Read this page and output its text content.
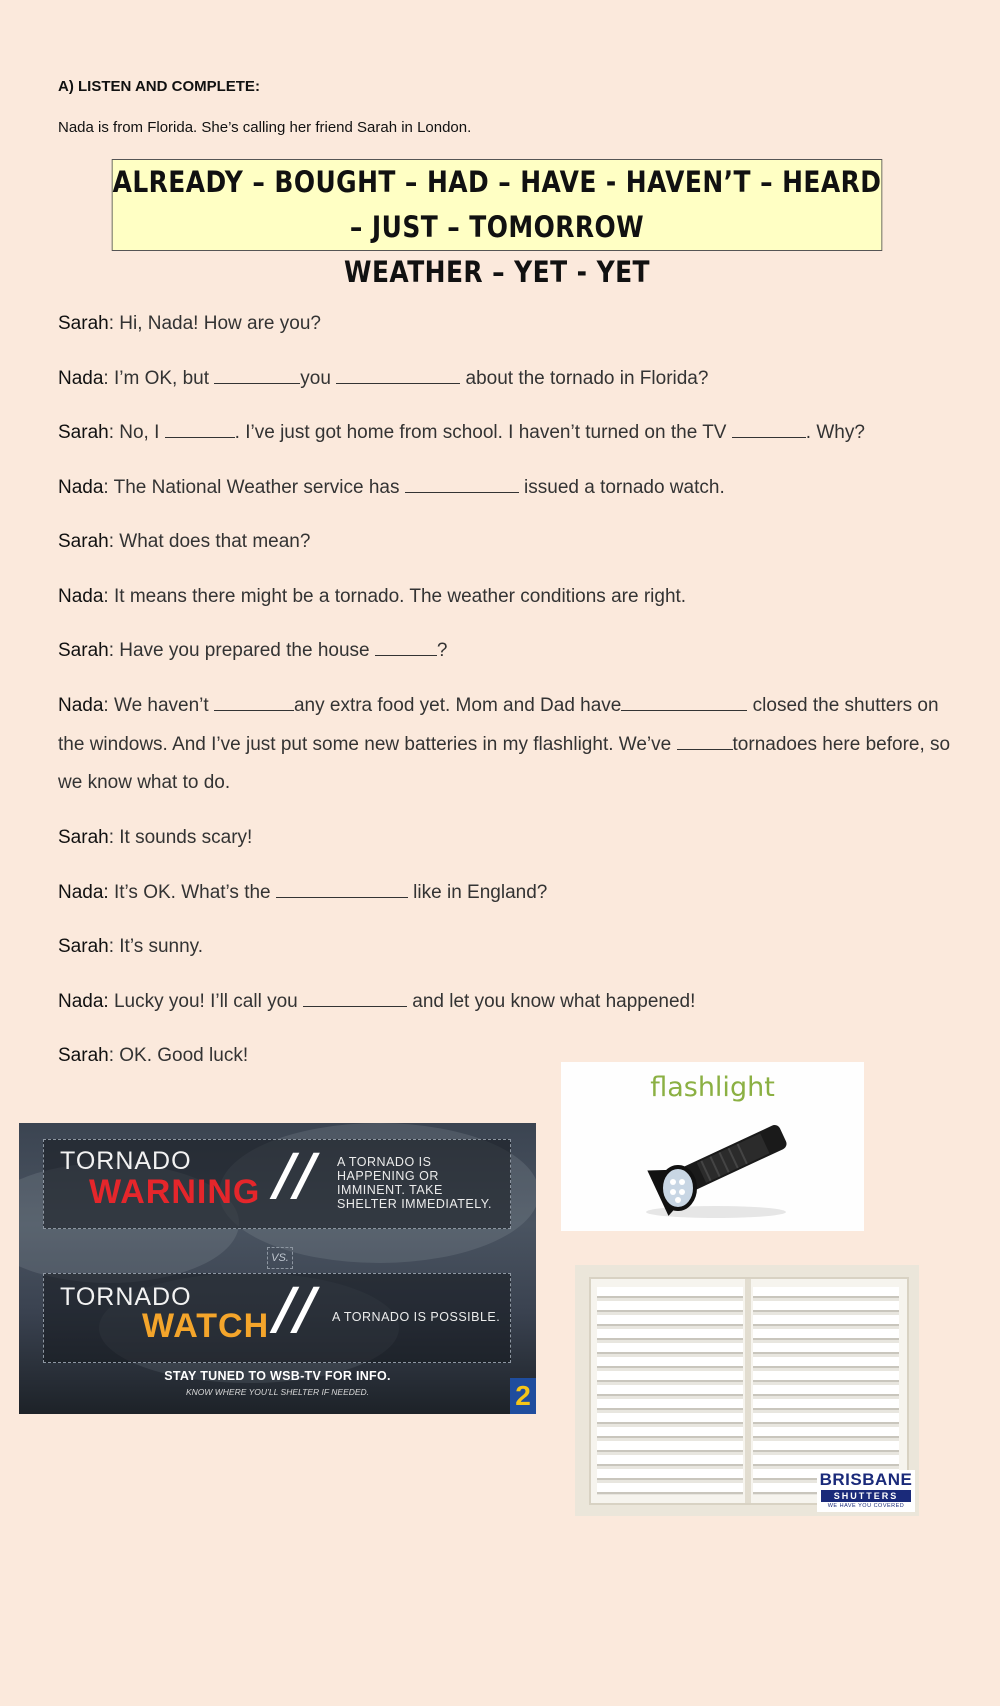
A) LISTEN AND COMPLETE:
Nada is from Florida. She’s calling her friend Sarah in London.
ALREADY – BOUGHT – HAD – HAVE - HAVEN’T – HEARD – JUST – TOMORROW
WEATHER – YET - YET
Sarah: Hi, Nada! How are you?
Nada: I’m OK, but	you	about the tornado in Florida?
Sarah: No, I	. I’ve just got home from school. I haven’t turned on the TV	. Why?
Nada: The National Weather service has	issued a tornado watch.
Sarah: What does that mean?
Nada: It means there might be a tornado. The weather conditions are right.
Sarah: Have you prepared the house	?
Nada: We haven’t	any extra food yet. Mom and Dad have	closed the shutters on
the windows. And I’ve just put some new batteries in my flashlight. We’ve	tornadoes here before, so
we know what to do.
Sarah: It sounds scary!
Nada: It’s OK. What’s the	like in England?
Sarah: It’s sunny.
Nada: Lucky you! I’ll call you	and let you know what happened!
Sarah: OK. Good luck!
TORNADO
WARNING // A TORNADO IS
HAPPENING OR
IMMINENT. TAKE
SHELTER IMMEDIATELY.
VS.
TORNADO
WATCH // A TORNADO IS POSSIBLE.
STAY TUNED TO WSB-TV FOR INFO.
KNOW WHERE YOU’LL SHELTER IF NEEDED.	2
flashlight
BRISBANE
SHUTTERS
WE HAVE YOU COVERED
